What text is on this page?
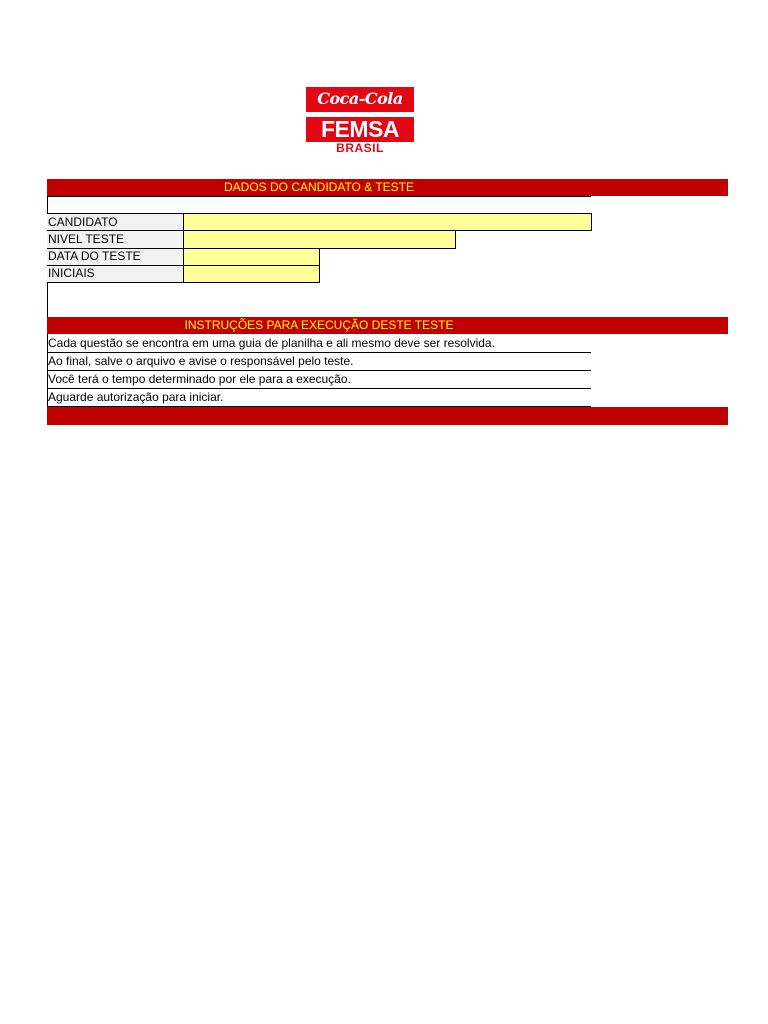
Coca-Cola
FEMSA
BRASIL
DADOS DO CANDIDATO & TESTE
CANDIDATO
NIVEL TESTE
DATA DO TESTE
INICIAIS
INSTRUÇÕES PARA EXECUÇÃO DESTE TESTE
Cada questão se encontra em uma guia de planilha e ali mesmo deve ser resolvida.
Ao final, salve o arquivo e avise o responsável pelo teste.
Você terá o tempo determinado por ele para a execução.
Aguarde autorização para iniciar.
